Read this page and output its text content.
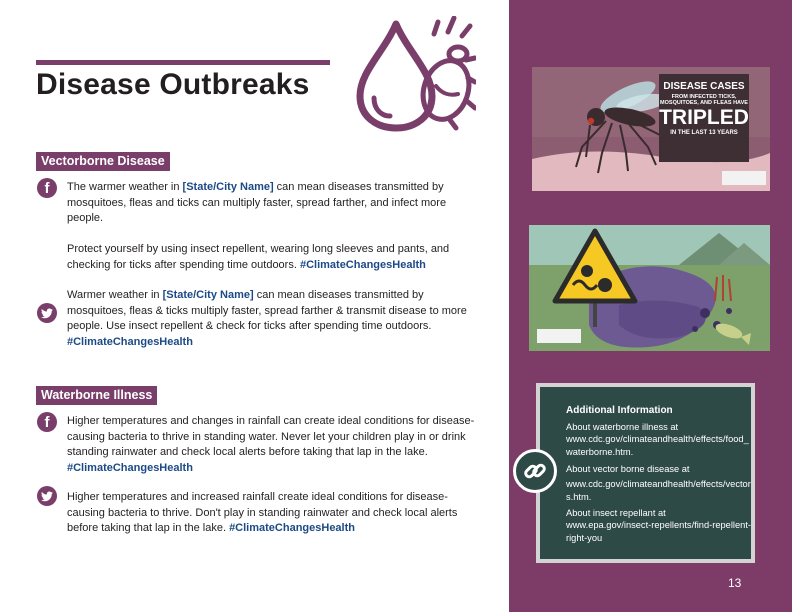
Disease Outbreaks
Vectorborne Disease
f	The warmer weather in [State/City Name] can mean diseases transmitted by mosquitoes, fleas and ticks can multiply faster, spread farther, and infect more people.
Protect yourself by using insect repellent, wearing long sleeves and pants, and checking for ticks after spending time outdoors. #ClimateChangesHealth
Warmer weather in [State/City Name] can mean diseases transmitted by mosquitoes, fleas & ticks multiply faster, spread farther & transmit disease to more people. Use insect repellent & check for ticks after spending time outdoors. #ClimateChangesHealth
Waterborne Illness
f	Higher temperatures and changes in rainfall can create ideal conditions for disease-causing bacteria to thrive in standing water. Never let your children play in or drink standing rainwater and check local alerts before taking that lap in the lake. #ClimateChangesHealth
Higher temperatures and increased rainfall create ideal conditions for disease-causing bacteria to thrive. Don't play in standing rainwater and check local alerts before taking that lap in the lake. #ClimateChangesHealth
DISEASE CASES
FROM INFECTED TICKS,
MOSQUITOES, AND FLEAS HAVE
TRIPLED
IN THE LAST 13 YEARS
Additional Information
About waterborne illness at
www.cdc.gov/climateandhealth/effects/food_waterborne.htm.
About vector borne disease at
www.cdc.gov/climateandhealth/effects/vectors.htm.
About insect repellant at
www.epa.gov/insect-repellents/find-repellent-right-you
13
